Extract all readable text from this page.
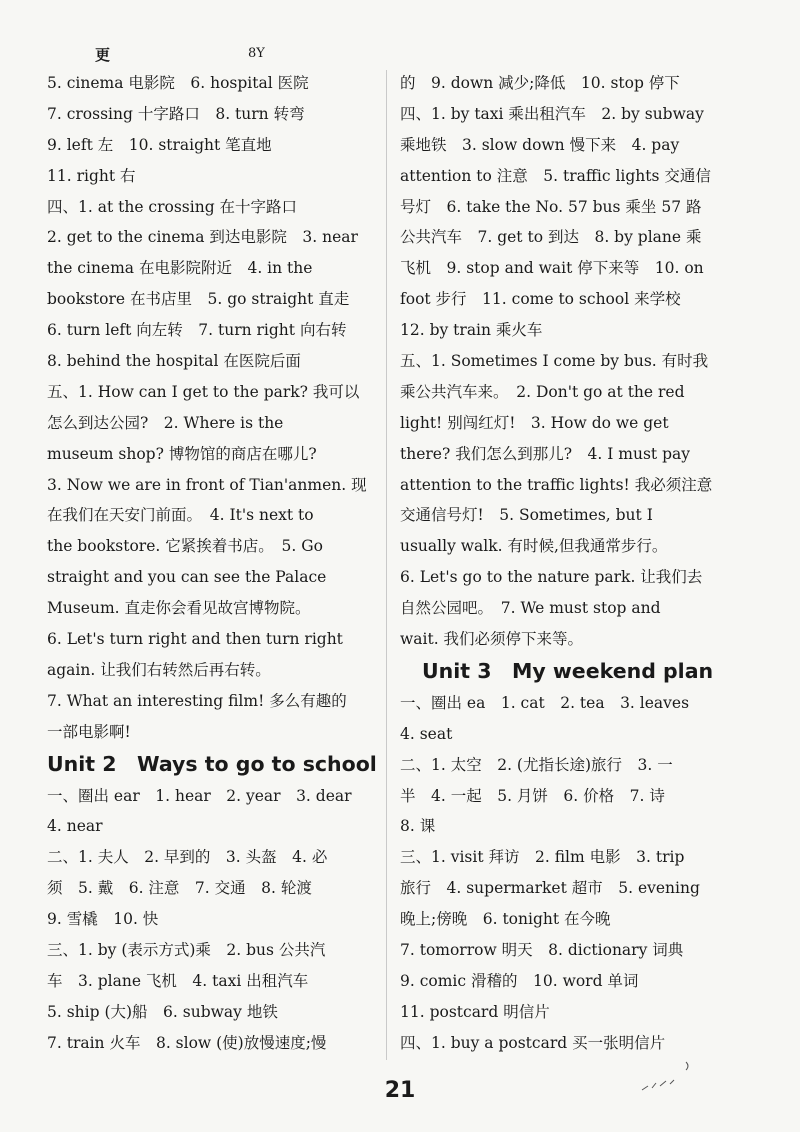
更	8Y
5. cinema 电影院　6. hospital 医院
7. crossing 十字路口　8. turn 转弯
9. left 左　10. straight 笔直地
11. right 右
四、1. at the crossing 在十字路口
2. get to the cinema 到达电影院　3. near
the cinema 在电影院附近　4. in the
bookstore 在书店里　5. go straight 直走
6. turn left 向左转　7. turn right 向右转
8. behind the hospital 在医院后面
五、1. How can I get to the park? 我可以
怎么到达公园?　2. Where is the
museum shop? 博物馆的商店在哪儿?
3. Now we are in front of Tian'anmen. 现
在我们在天安门前面。　4. It's next to
the bookstore. 它紧挨着书店。　5. Go
straight and you can see the Palace
Museum. 直走你会看见故宫博物院。
6. Let's turn right and then turn right
again. 让我们右转然后再右转。
7. What an interesting film! 多么有趣的
一部电影啊!
Unit 2　Ways to go to school
一、圈出 ear　1. hear　2. year　3. dear
4. near
二、1. 夫人　2. 早到的　3. 头盔　4. 必
须　5. 戴　6. 注意　7. 交通　8. 轮渡
9. 雪橇　10. 快
三、1. by (表示方式)乘　2. bus 公共汽
车　3. plane 飞机　4. taxi 出租汽车
5. ship (大)船　6. subway 地铁
7. train 火车　8. slow (使)放慢速度;慢
的　9. down 减少;降低　10. stop 停下
四、1. by taxi 乘出租汽车　2. by subway
乘地铁　3. slow down 慢下来　4. pay
attention to 注意　5. traffic lights 交通信
号灯　6. take the No. 57 bus 乘坐 57 路
公共汽车　7. get to 到达　8. by plane 乘
飞机　9. stop and wait 停下来等　10. on
foot 步行　11. come to school 来学校
12. by train 乘火车
五、1. Sometimes I come by bus. 有时我
乘公共汽车来。　2. Don't go at the red
light! 别闯红灯!　3. How do we get
there? 我们怎么到那儿?　4. I must pay
attention to the traffic lights! 我必须注意
交通信号灯!　5. Sometimes, but I
usually walk. 有时候,但我通常步行。
6. Let's go to the nature park. 让我们去
自然公园吧。　7. We must stop and
wait. 我们必须停下来等。
Unit 3　My weekend plan
一、圈出 ea　1. cat　2. tea　3. leaves
4. seat
二、1. 太空　2. (尤指长途)旅行　3. 一
半　4. 一起　5. 月饼　6. 价格　7. 诗
8. 课
三、1. visit 拜访　2. film 电影　3. trip
旅行　4. supermarket 超市　5. evening
晚上;傍晚　6. tonight 在今晚
7. tomorrow 明天　8. dictionary 词典
9. comic 滑稽的　10. word 单词
11. postcard 明信片
四、1. buy a postcard 买一张明信片
21
